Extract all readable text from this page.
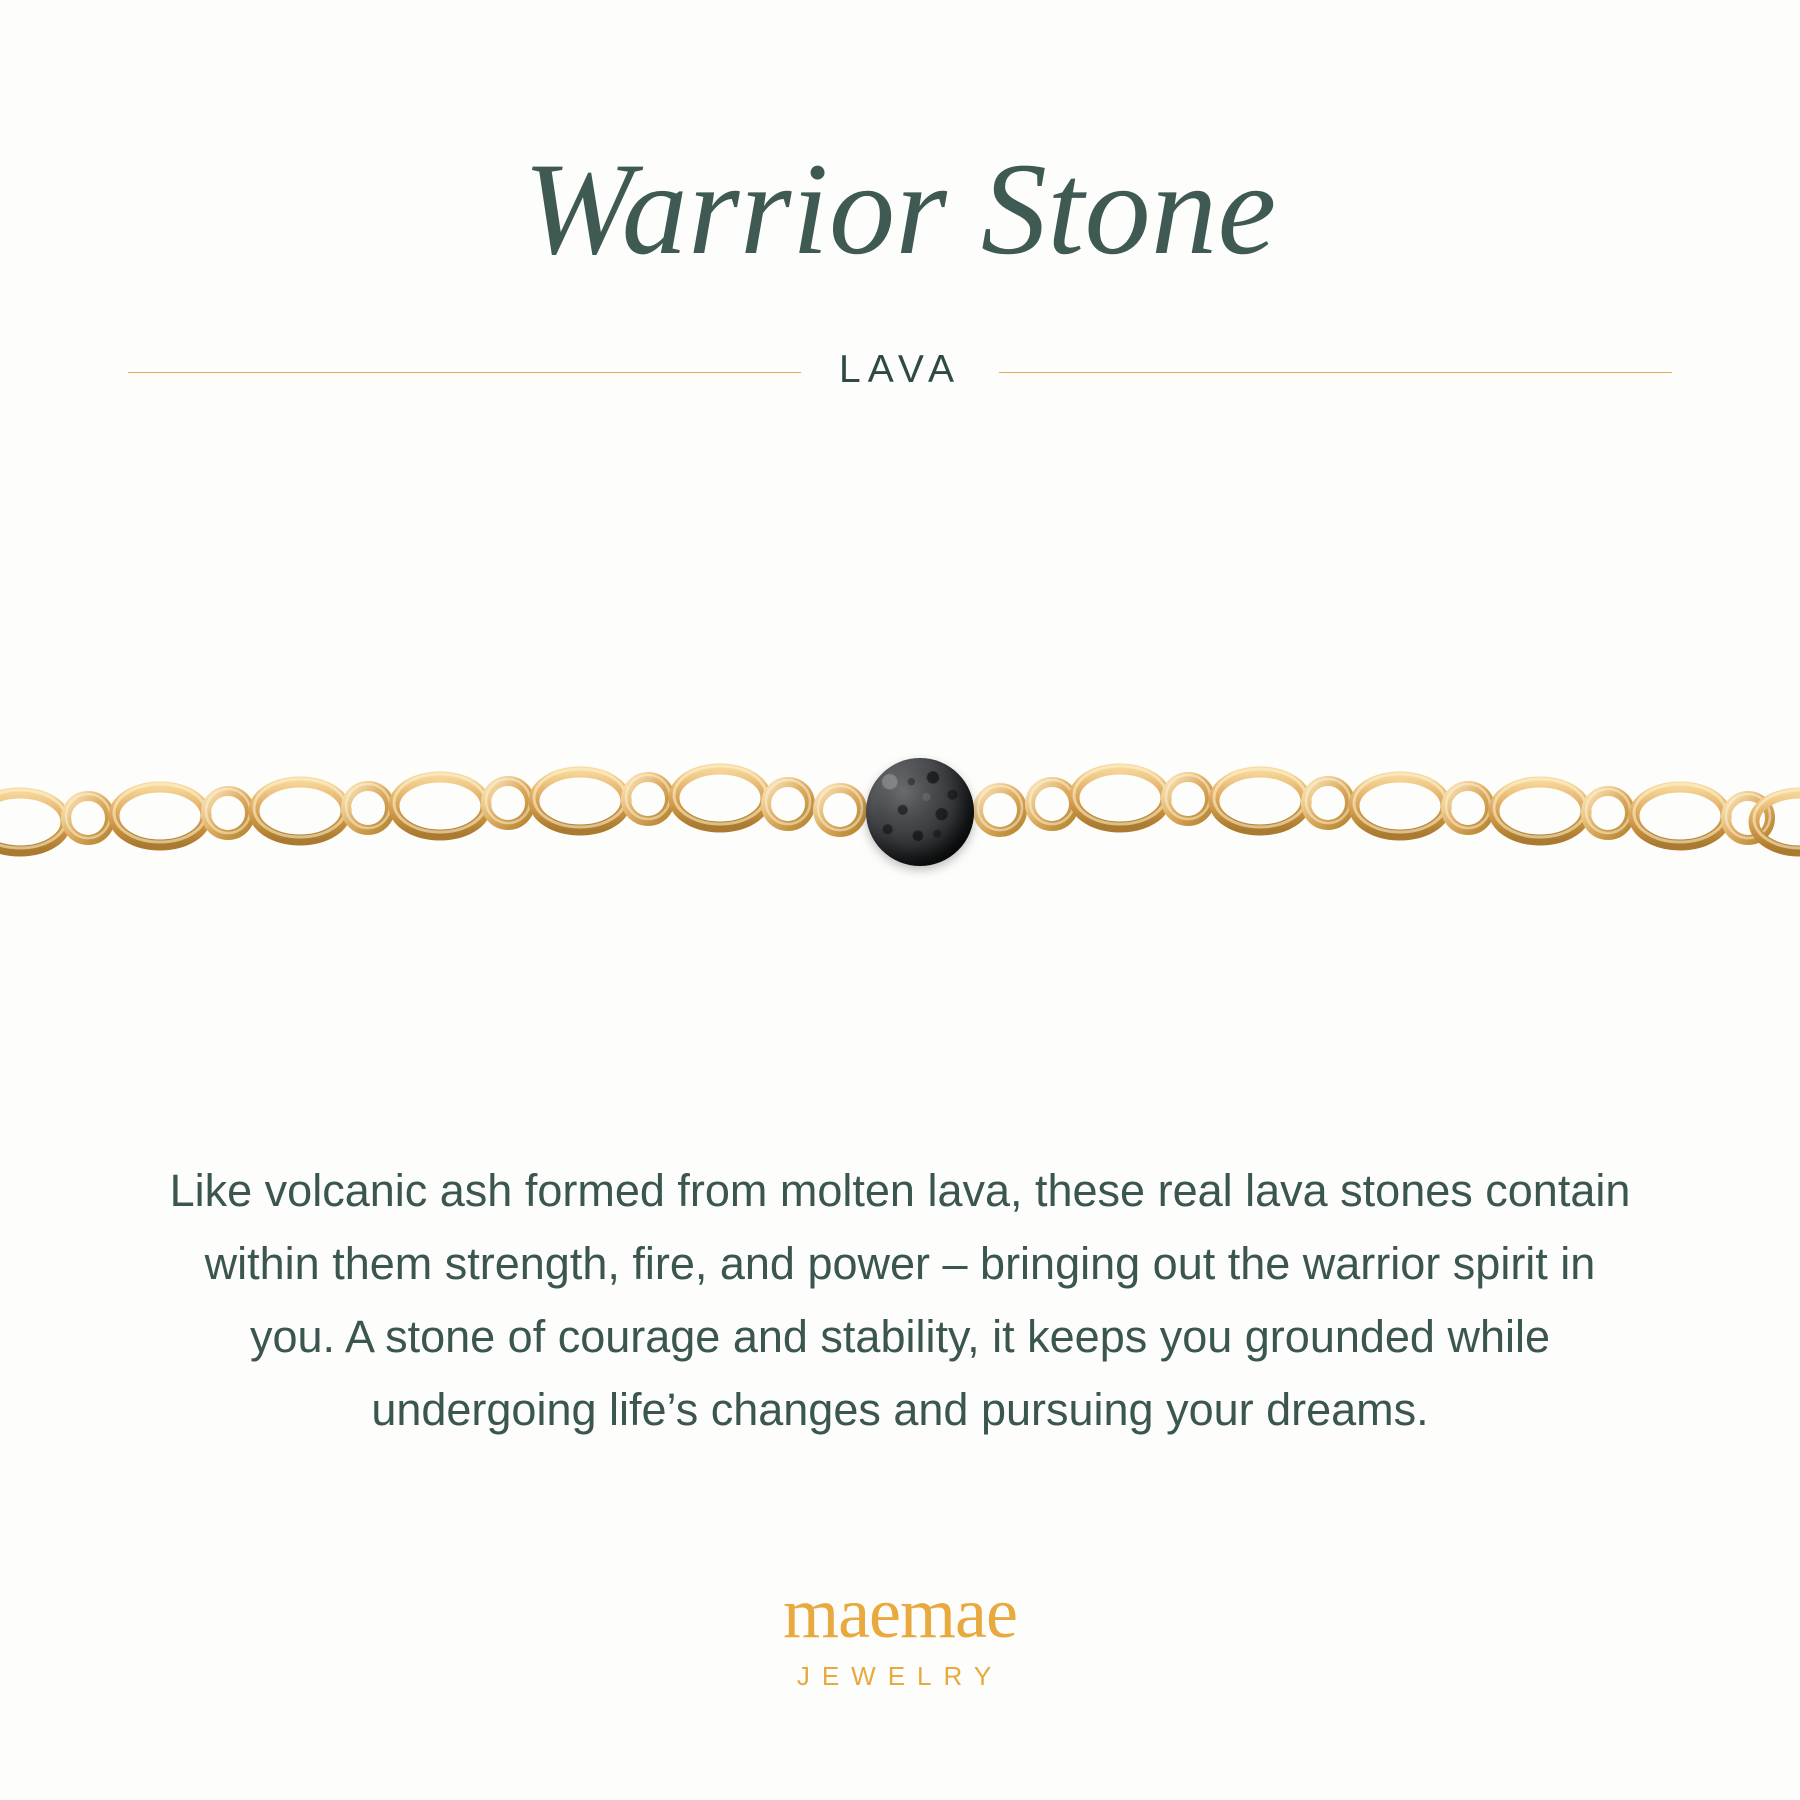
Warrior Stone
LAVA
Like volcanic ash formed from molten lava, these real lava stones contain within them strength, fire, and power – bringing out the warrior spirit in you. A stone of courage and stability, it keeps you grounded while undergoing life’s changes and pursuing your dreams.
maemae
JEWELRY
